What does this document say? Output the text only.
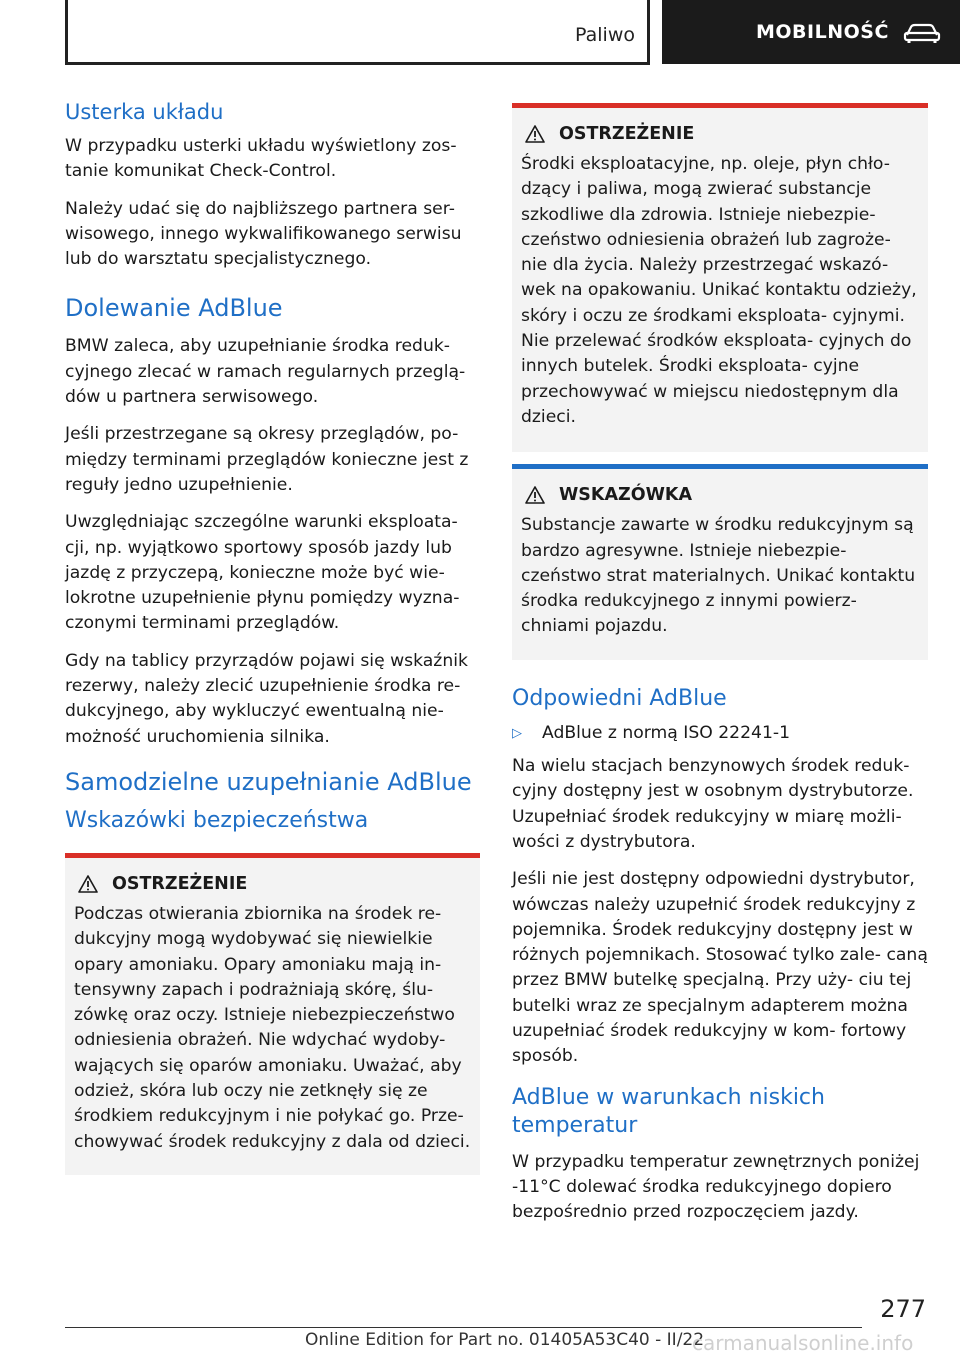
Paliwo	MOBILNOŚĆ
Usterka układu

W przypadku usterki układu wyświetlony zos- tanie komunikat Check-Control.

Należy udać się do najbliższego partnera ser- wisowego, innego wykwalifikowanego serwisu lub do warsztatu specjalistycznego.

Dolewanie AdBlue

BMW zaleca, aby uzupełnianie środka reduk- cyjnego zlecać w ramach regularnych przeglą- dów u partnera serwisowego.

Jeśli przestrzegane są okresy przeglądów, po- między terminami przeglądów konieczne jest z reguły jedno uzupełnienie.

Uwzględniając szczególne warunki eksploata- cji, np. wyjątkowo sportowy sposób jazdy lub jazdę z przyczepą, konieczne może być wie- lokrotne uzupełnienie płynu pomiędzy wyzna- czonymi terminami przeglądów.

Gdy na tablicy przyrządów pojawi się wskaźnik rezerwy, należy zlecić uzupełnienie środka re- dukcyjnego, aby wykluczyć ewentualną nie- możność uruchomienia silnika.

Samodzielne uzupełnianie AdBlue
Wskazówki bezpieczeństwa
OSTRZEŻENIE

Podczas otwierania zbiornika na środek re- dukcyjny mogą wydobywać się niewielkie opary amoniaku. Opary amoniaku mają in- tensywny zapach i podrażniają skórę, ślu- zówkę oraz oczy. Istnieje niebezpieczeństwo odniesienia obrażeń. Nie wdychać wydoby- wających się oparów amoniaku. Uważać, aby odzież, skóra lub oczy nie zetknęły się ze środkiem redukcyjnym i nie połykać go. Prze- chowywać środek redukcyjny z dala od dzieci.

OSTRZEŻENIE

Środki eksploatacyjne, np. oleje, płyn chło- dzący i paliwa, mogą zwierać substancje szkodliwe dla zdrowia. Istnieje niebezpie- czeństwo odniesienia obrażeń lub zagroże- nie dla życia. Należy przestrzegać wskazó- wek na opakowaniu. Unikać kontaktu odzieży, skóry i oczu ze środkami eksploata- cyjnymi. Nie przelewać środków eksploata- cyjnych do innych butelek. Środki eksploata- cyjne przechowywać w miejscu niedostępnym dla dzieci.

WSKAZÓWKA

Substancje zawarte w środku redukcyjnym są bardzo agresywne. Istnieje niebezpie- czeństwo strat materialnych. Unikać kontaktu środka redukcyjnego z innymi powierz- chniami pojazdu.

Odpowiedni AdBlue
▷	AdBlue z normą ISO 22241-1

Na wielu stacjach benzynowych środek reduk- cyjny dostępny jest w osobnym dystrybutorze. Uzupełniać środek redukcyjny w miarę możli- wości z dystrybutora.

Jeśli nie jest dostępny odpowiedni dystrybutor, wówczas należy uzupełnić środek redukcyjny z pojemnika. Środek redukcyjny dostępny jest w różnych pojemnikach. Stosować tylko zale- caną przez BMW butelkę specjalną. Przy uży- ciu tej butelki wraz ze specjalnym adapterem można uzupełniać środek redukcyjny w kom- fortowy sposób.

AdBlue w warunkach niskich temperatur

W przypadku temperatur zewnętrznych poniżej -11°C dolewać środka redukcyjnego dopiero bezpośrednio przed rozpoczęciem jazdy.

277
Online Edition for Part no. 01405A53C40 - II/22
carmanualsonline.info
